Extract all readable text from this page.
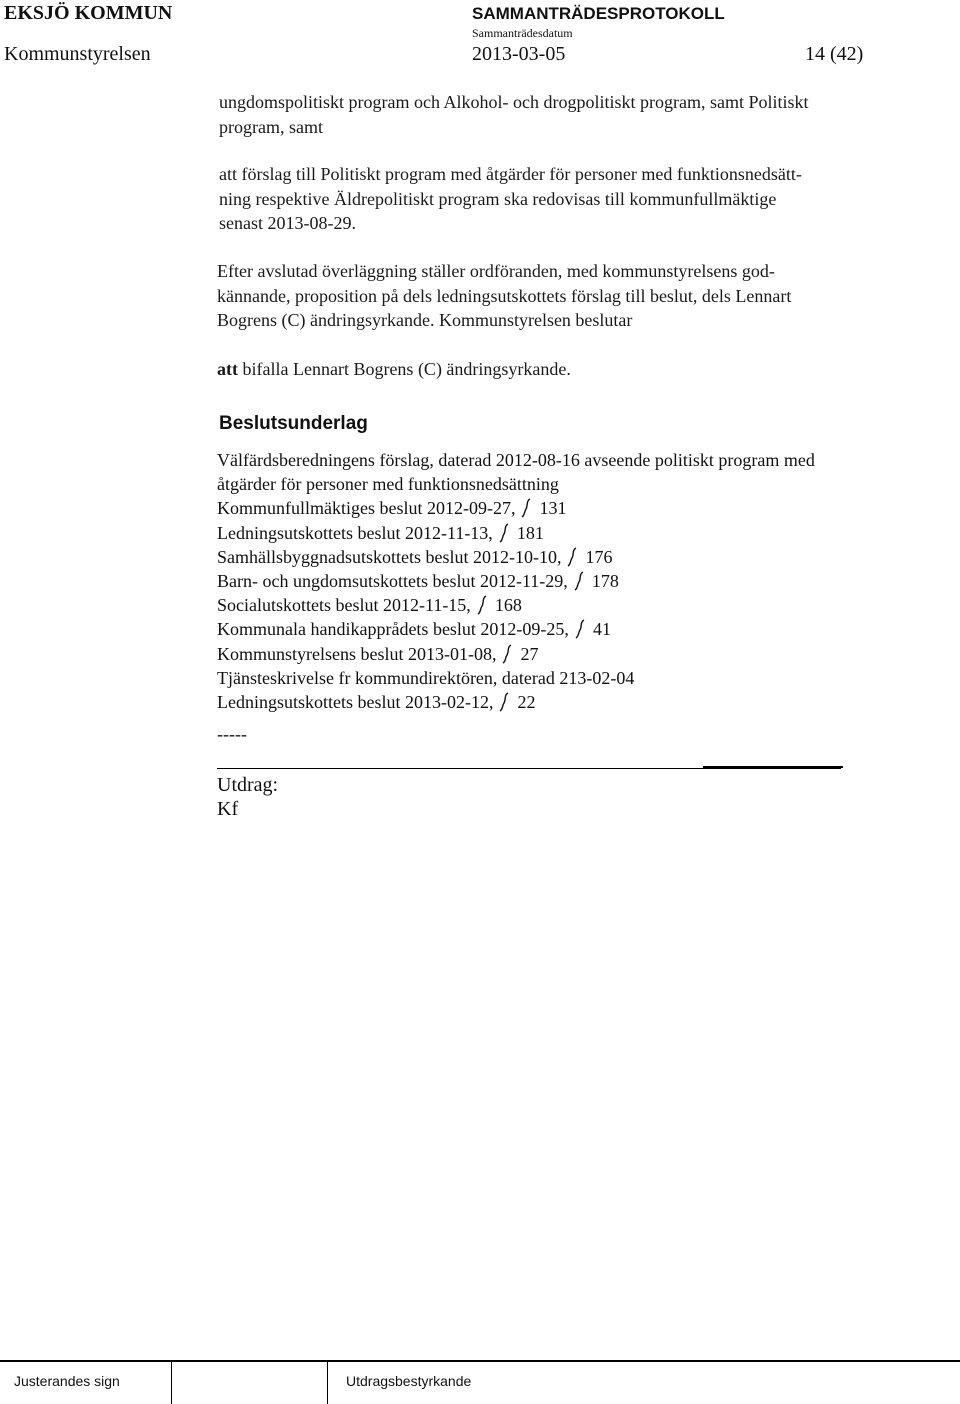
EKSJÖ KOMMUN	SAMMANTRÄDESPROTOKOLL
Sammanträdesdatum
Kommunstyrelsen	2013-03-05	14 (42)
ungdomspolitiskt program och Alkohol- och drogpolitiskt program, samt Politiskt
program, samt
att förslag till Politiskt program med åtgärder för personer med funktionsnedsätt-
ning respektive Äldrepolitiskt program ska redovisas till kommunfullmäktige
senast 2013-08-29.
Efter avslutad överläggning ställer ordföranden, med kommunstyrelsens god-
kännande, proposition på dels ledningsutskottets förslag till beslut, dels Lennart
Bogrens (C) ändringsyrkande. Kommunstyrelsen beslutar
att bifalla Lennart Bogrens (C) ändringsyrkande.
Beslutsunderlag
Välfärdsberedningens förslag, daterad 2012-08-16 avseende politiskt program med
åtgärder för personer med funktionsnedsättning
Kommunfullmäktiges beslut 2012-09-27, 131
Ledningsutskottets beslut 2012-11-13, 181
Samhällsbyggnadsutskottets beslut 2012-10-10, 176
Barn- och ungdomsutskottets beslut 2012-11-29, 178
Socialutskottets beslut 2012-11-15, 168
Kommunala handikapprådets beslut 2012-09-25, 41
Kommunstyrelsens beslut 2013-01-08, 27
Tjänsteskrivelse fr kommundirektören, daterad 213-02-04
Ledningsutskottets beslut 2013-02-12, 22
-----
Utdrag:
Kf
Justerandes sign	Utdragsbestyrkande
